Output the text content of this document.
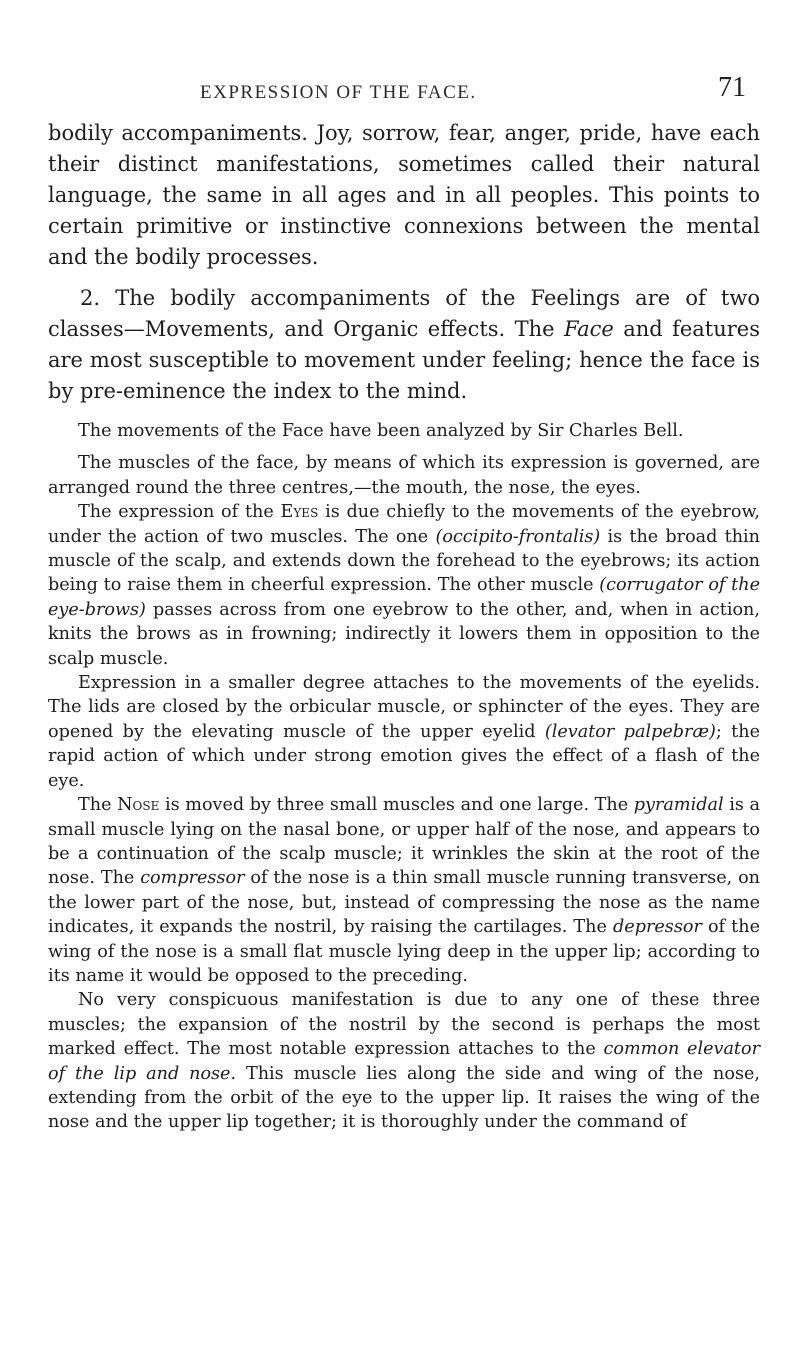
EXPRESSION OF THE FACE.	71

bodily accompaniments. Joy, sorrow, fear, anger, pride, have each their distinct manifestations, sometimes called their natural language, the same in all ages and in all peoples. This points to certain primitive or instinctive connexions between the mental and the bodily processes.

2. The bodily accompaniments of the Feelings are of two classes—Movements, and Organic effects. The Face and features are most susceptible to movement under feeling; hence the face is by pre-eminence the index to the mind.

The movements of the Face have been analyzed by Sir Charles Bell.

The muscles of the face, by means of which its expression is governed, are arranged round the three centres,—the mouth, the nose, the eyes.

The expression of the Eyes is due chiefly to the movements of the eyebrow, under the action of two muscles. The one (occipito-frontalis) is the broad thin muscle of the scalp, and extends down the forehead to the eyebrows; its action being to raise them in cheerful expression. The other muscle (corrugator of the eye-brows) passes across from one eyebrow to the other, and, when in action, knits the brows as in frowning; indirectly it lowers them in opposition to the scalp muscle.

Expression in a smaller degree attaches to the movements of the eyelids. The lids are closed by the orbicular muscle, or sphincter of the eyes. They are opened by the elevating muscle of the upper eyelid (levator palpebræ); the rapid action of which under strong emotion gives the effect of a flash of the eye.

The Nose is moved by three small muscles and one large. The pyramidal is a small muscle lying on the nasal bone, or upper half of the nose, and appears to be a continuation of the scalp muscle; it wrinkles the skin at the root of the nose. The compressor of the nose is a thin small muscle running transverse, on the lower part of the nose, but, instead of compressing the nose as the name indicates, it expands the nostril, by raising the cartilages. The depressor of the wing of the nose is a small flat muscle lying deep in the upper lip; according to its name it would be opposed to the preceding.

No very conspicuous manifestation is due to any one of these three muscles; the expansion of the nostril by the second is perhaps the most marked effect. The most notable expression attaches to the common elevator of the lip and nose. This muscle lies along the side and wing of the nose, extending from the orbit of the eye to the upper lip. It raises the wing of the nose and the upper lip together; it is thoroughly under the command of
